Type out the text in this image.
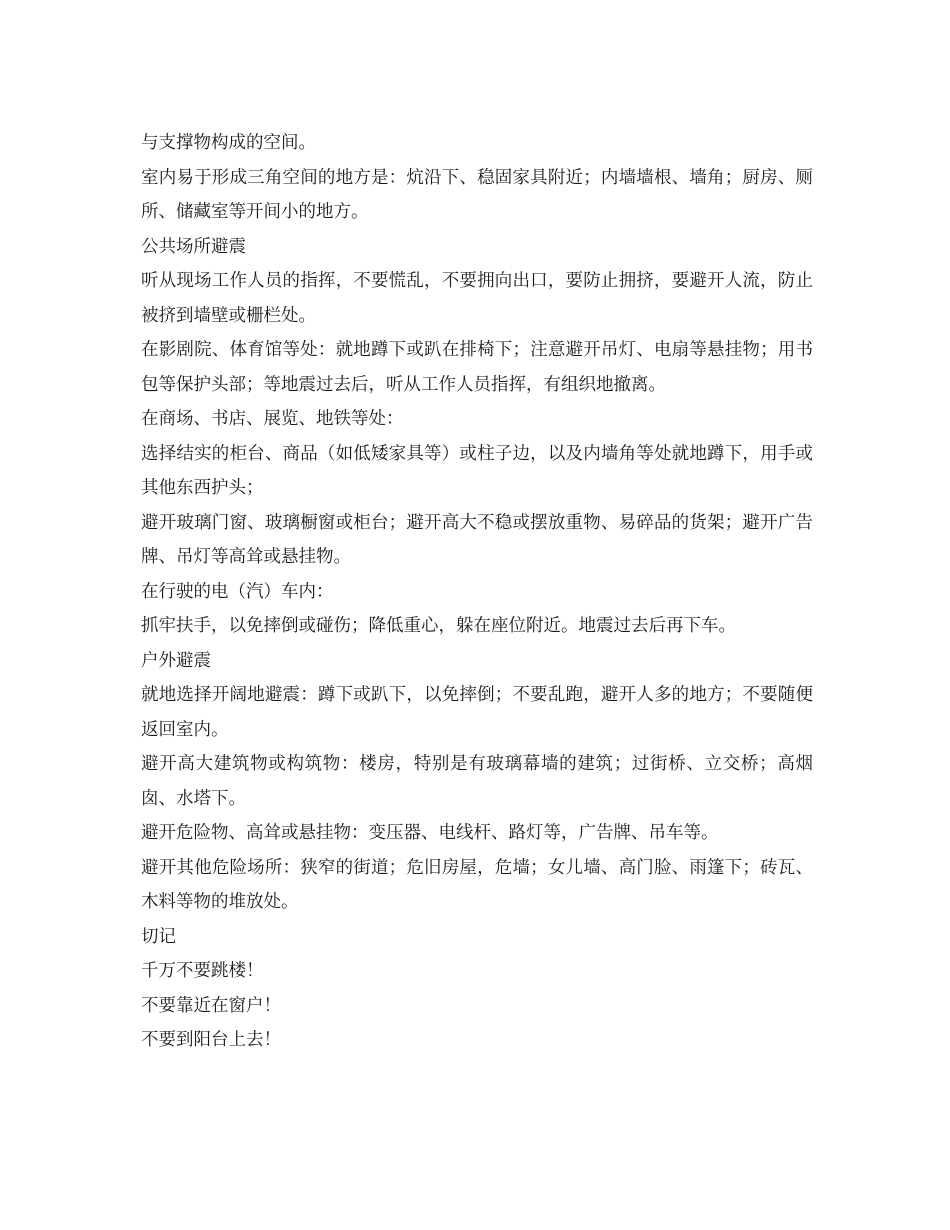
与支撑物构成的空间。

室内易于形成三角空间的地方是：炕沿下、稳固家具附近；内墙墙根、墙角；厨房、厕所、储藏室等开间小的地方。

公共场所避震

听从现场工作人员的指挥，不要慌乱，不要拥向出口，要防止拥挤，要避开人流，防止被挤到墙壁或栅栏处。

在影剧院、体育馆等处：就地蹲下或趴在排椅下；注意避开吊灯、电扇等悬挂物；用书包等保护头部；等地震过去后，听从工作人员指挥，有组织地撤离。

在商场、书店、展览、地铁等处：

选择结实的柜台、商品（如低矮家具等）或柱子边，以及内墙角等处就地蹲下，用手或其他东西护头；

避开玻璃门窗、玻璃橱窗或柜台；避开高大不稳或摆放重物、易碎品的货架；避开广告牌、吊灯等高耸或悬挂物。

在行驶的电（汽）车内：

抓牢扶手，以免摔倒或碰伤；降低重心，躲在座位附近。地震过去后再下车。

户外避震

就地选择开阔地避震：蹲下或趴下，以免摔倒；不要乱跑，避开人多的地方；不要随便返回室内。

避开高大建筑物或构筑物：楼房，特别是有玻璃幕墙的建筑；过街桥、立交桥；高烟囱、水塔下。

避开危险物、高耸或悬挂物：变压器、电线杆、路灯等，广告牌、吊车等。

避开其他危险场所：狭窄的街道；危旧房屋，危墙；女儿墙、高门脸、雨篷下；砖瓦、木料等物的堆放处。

切记

千万不要跳楼！

不要靠近在窗户！

不要到阳台上去！
